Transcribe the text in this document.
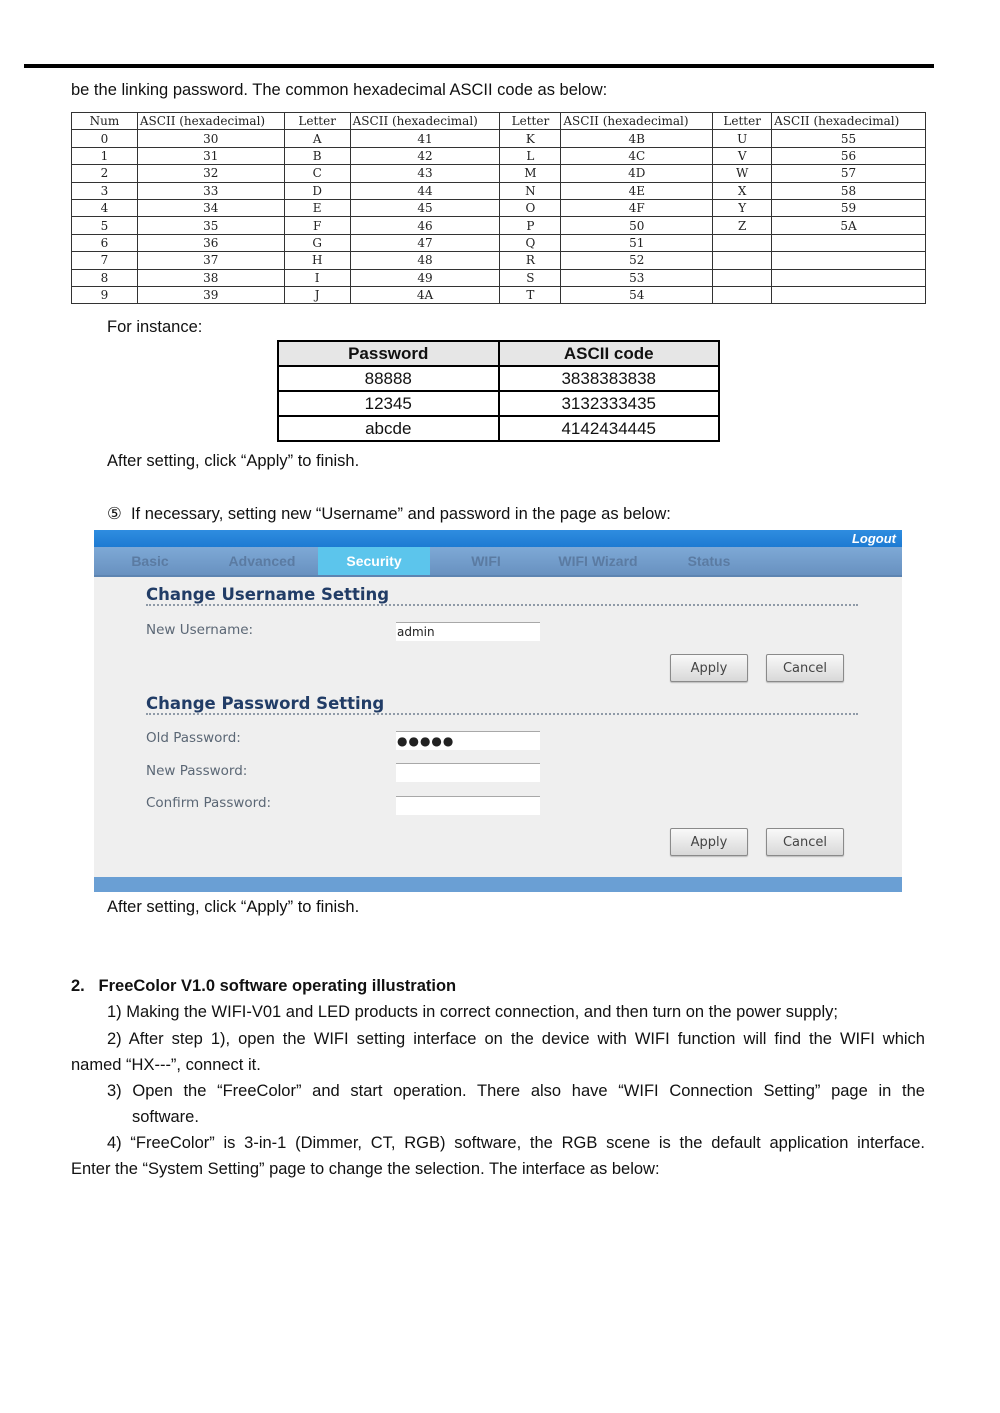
be the linking password. The common hexadecimal ASCII code as below:
Num	ASCII (hexadecimal)	Letter	ASCII (hexadecimal)	Letter	ASCII (hexadecimal)	Letter	ASCII (hexadecimal)
0	30	A	41	K	4B	U	55
1	31	B	42	L	4C	V	56
2	32	C	43	M	4D	W	57
3	33	D	44	N	4E	X	58
4	34	E	45	O	4F	Y	59
5	35	F	46	P	50	Z	5A
6	36	G	47	Q	51		
7	37	H	48	R	52		
8	38	I	49	S	53		
9	39	J	4A	T	54		
For instance:
Password	ASCII code
88888	3838383838
12345	3132333435
abcde	4142434445
After setting, click “Apply” to finish.
⑤ If necessary, setting new “Username” and password in the page as below:
Logout
Basic	Advanced	Security	WIFI	WIFI Wizard	Status
Change Username Setting
New Username:	admin
Apply	Cancel
Change Password Setting
Old Password:	●●●●●
New Password:
Confirm Password:
Apply	Cancel
After setting, click “Apply” to finish.
2. FreeColor V1.0 software operating illustration
1) Making the WIFI-V01 and LED products in correct connection, and then turn on the power supply;
2) After step 1), open the WIFI setting interface on the device with WIFI function will find the WIFI which
named “HX---”, connect it.
3) Open the “FreeColor” and start operation. There also have “WIFI Connection Setting” page in the
software.
4) “FreeColor” is 3-in-1 (Dimmer, CT, RGB) software, the RGB scene is the default application interface.
Enter the “System Setting” page to change the selection. The interface as below:
